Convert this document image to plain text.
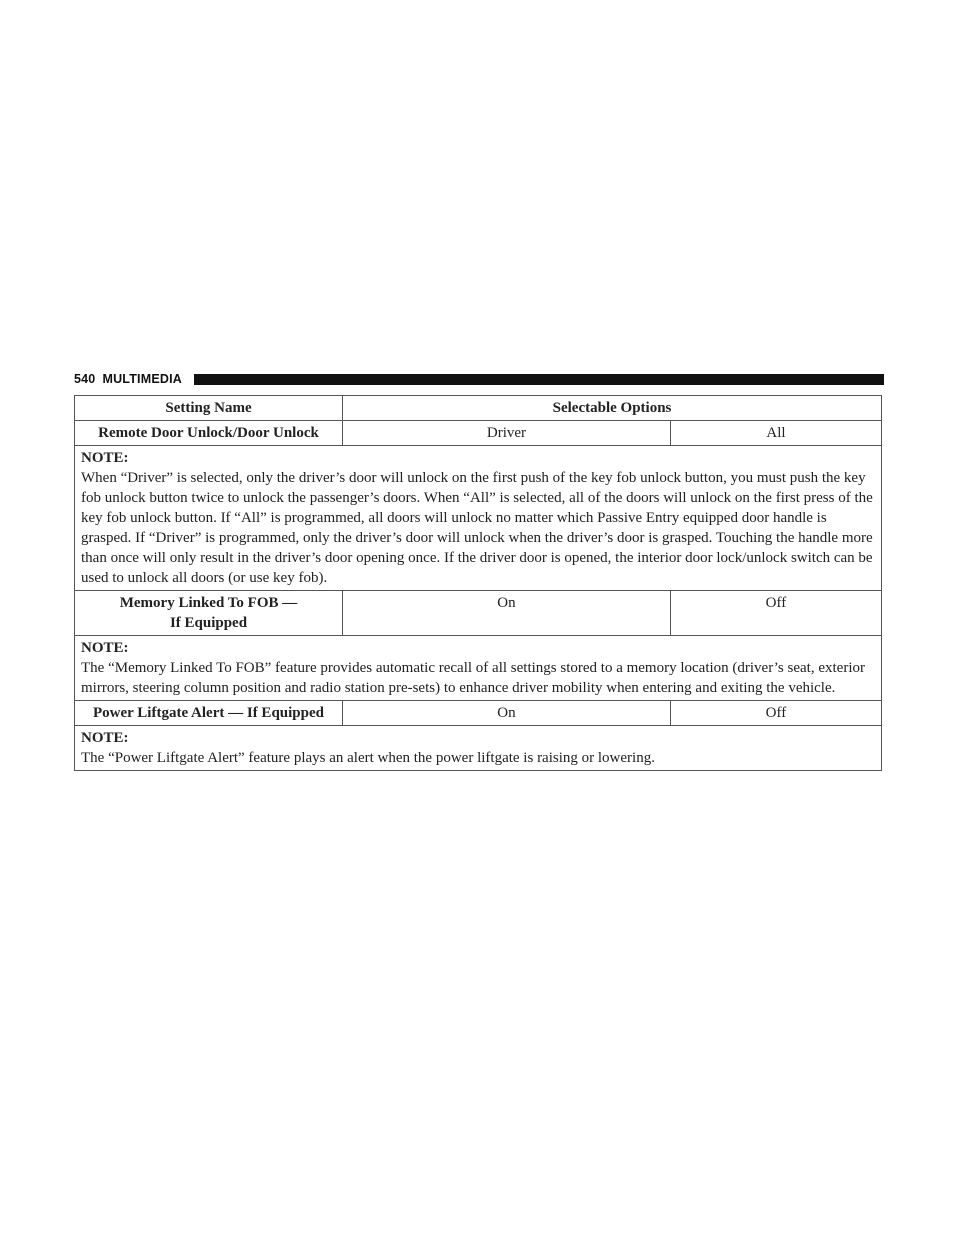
540 MULTIMEDIA
Setting Name	Selectable Options	
Remote Door Unlock/Door Unlock	Driver	All

NOTE:
When “Driver” is selected, only the driver’s door will unlock on the first push of the key fob unlock button, you must push the key fob unlock button twice to unlock the passenger’s doors. When “All” is selected, all of the doors will unlock on the first press of the key fob unlock button. If “All” is programmed, all doors will unlock no matter which Passive Entry equipped door handle is grasped. If “Driver” is programmed, only the driver’s door will unlock when the driver’s door is grasped. Touching the handle more than once will only result in the driver’s door opening once. If the driver door is opened, the interior door lock/unlock switch can be used to unlock all doors (or use key fob).		
Memory Linked To FOB —
If Equipped	On	Off

NOTE:
The “Memory Linked To FOB” feature provides automatic recall of all settings stored to a memory location (driver’s seat, exterior mirrors, steering column position and radio station pre-sets) to enhance driver mobility when entering and exiting the vehicle.		
Power Liftgate Alert — If Equipped	On	Off

NOTE:
The “Power Liftgate Alert” feature plays an alert when the power liftgate is raising or lowering.		
